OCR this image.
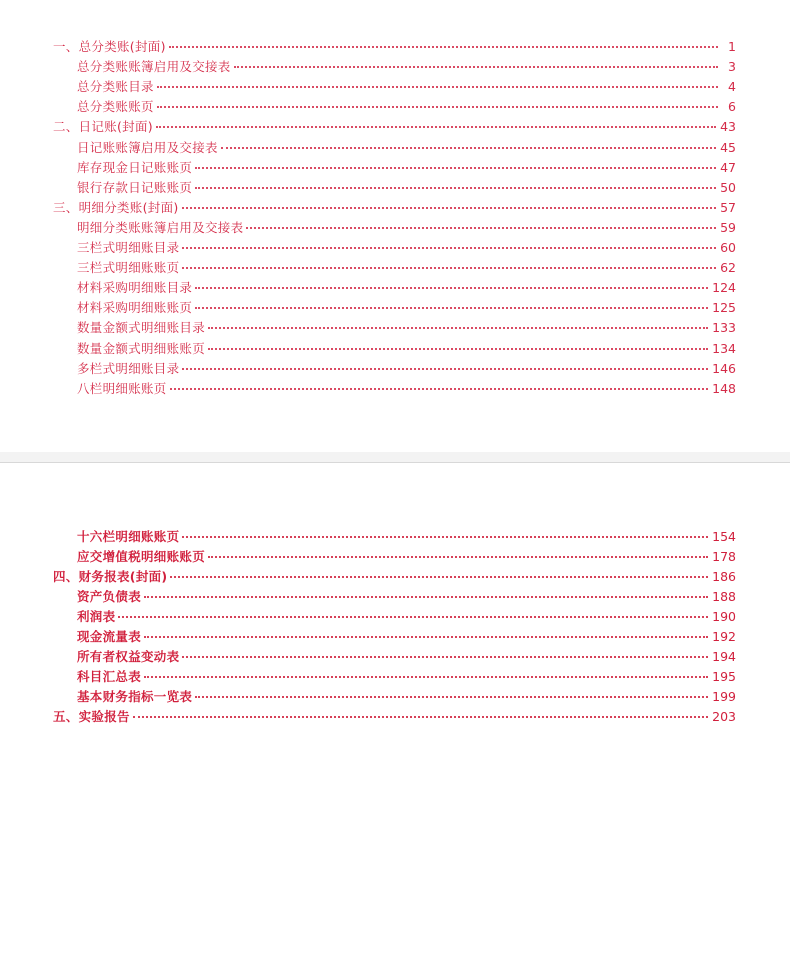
一、总分类账(封面)	1
总分类账账簿启用及交接表	3
总分类账目录	4
总分类账账页	6
二、日记账(封面)	43
日记账账簿启用及交接表	45
库存现金日记账账页	47
银行存款日记账账页	50
三、明细分类账(封面)	57
明细分类账账簿启用及交接表	59
三栏式明细账目录	60
三栏式明细账账页	62
材料采购明细账目录	124
材料采购明细账账页	125
数量金额式明细账目录	133
数量金额式明细账账页	134
多栏式明细账目录	146
八栏明细账账页	148
十六栏明细账账页	154
应交增值税明细账账页	178
四、财务报表(封面)	186
资产负债表	188
利润表	190
现金流量表	192
所有者权益变动表	194
科目汇总表	195
基本财务指标一览表	199
五、实验报告	203
